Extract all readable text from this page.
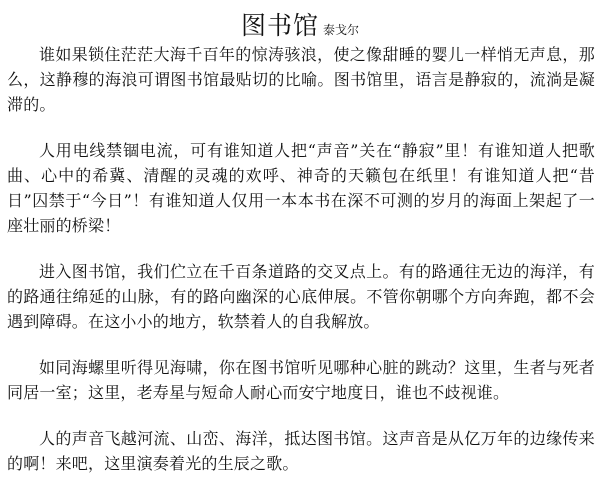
图书馆 泰戈尔

谁如果锁住茫茫大海千百年的惊涛骇浪，使之像甜睡的婴儿一样悄无声息，那么，这静穆的海浪可谓图书馆最贴切的比喻。图书馆里，语言是静寂的，流淌是凝滞的。

人用电线禁锢电流，可有谁知道人把“声音”关在“静寂”里！有谁知道人把歌曲、心中的希冀、清醒的灵魂的欢呼、神奇的天籁包在纸里！有谁知道人把“昔日”囚禁于“今日”！有谁知道人仅用一本本书在深不可测的岁月的海面上架起了一座壮丽的桥梁！

进入图书馆，我们伫立在千百条道路的交叉点上。有的路通往无边的海洋，有的路通往绵延的山脉，有的路向幽深的心底伸展。不管你朝哪个方向奔跑，都不会遇到障碍。在这小小的地方，软禁着人的自我解放。

如同海螺里听得见海啸，你在图书馆听见哪种心脏的跳动？这里，生者与死者同居一室；这里，老寿星与短命人耐心而安宁地度日，谁也不歧视谁。

人的声音飞越河流、山峦、海洋，抵达图书馆。这声音是从亿万年的边缘传来的啊！来吧，这里演奏着光的生辰之歌。
